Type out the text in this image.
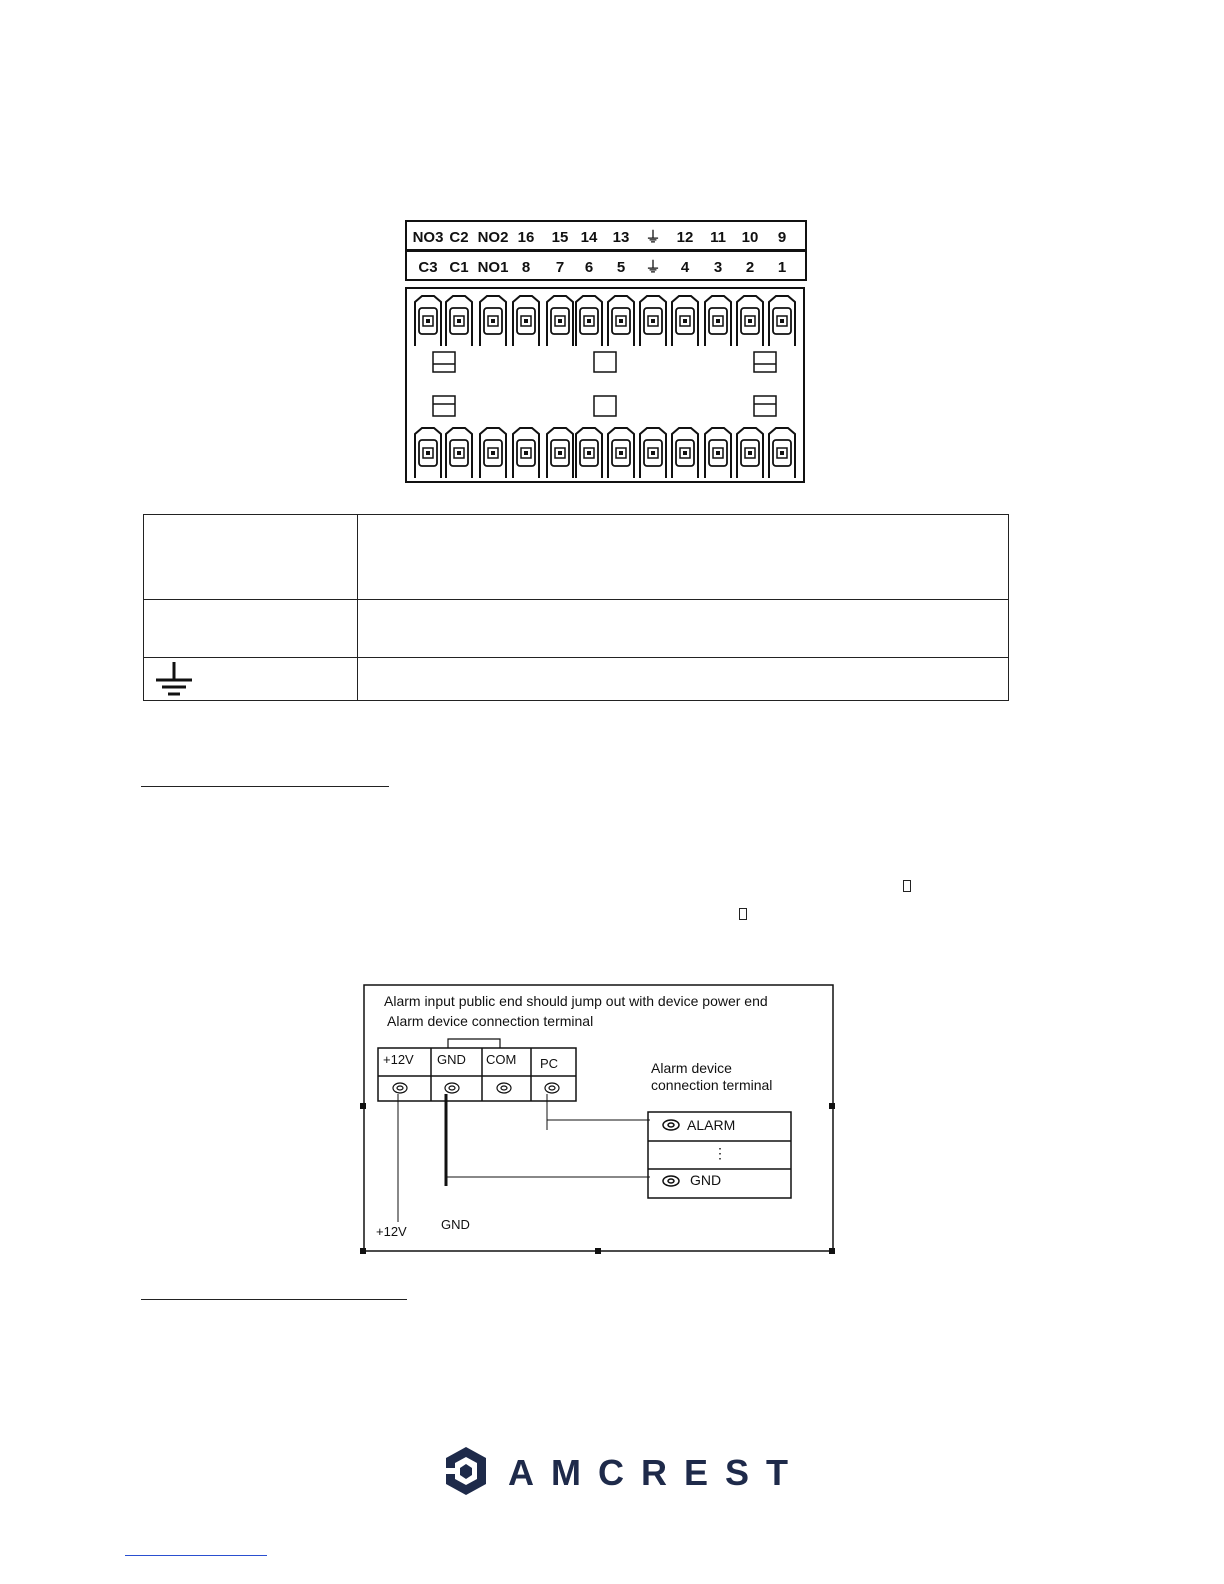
NO3 C2 NO2 16 15 14 13 ⏚ 12 11 10 9
C3 C1 NO1 8 7 6 5 ⏚ 4 3 2 1

Alarm input public end should jump out with device power end
Alarm device connection terminal
+12V GND COM PC	Alarm device
connection terminal
ALARM
⋮
GND
+12V	GND
AMCREST
